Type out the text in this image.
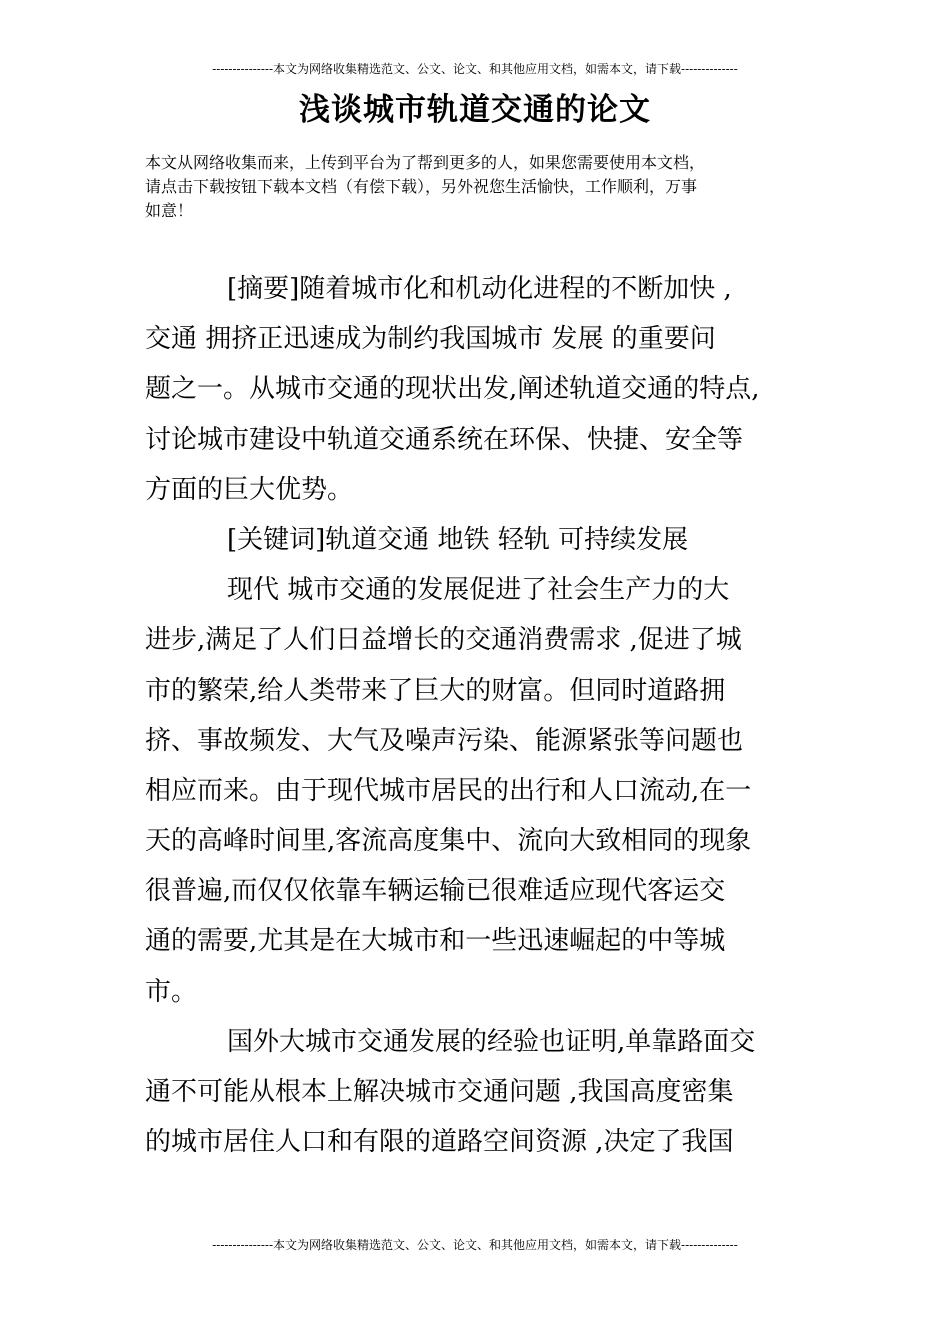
---------------本文为网络收集精选范文、公文、论文、和其他应用文档，如需本文，请下载--------------
浅谈城市轨道交通的论文
本文从网络收集而来，上传到平台为了帮到更多的人，如果您需要使用本文档，
请点击下载按钮下载本文档（有偿下载），另外祝您生活愉快，工作顺利，万事
如意！
[摘要]随着城市化和机动化进程的不断加快 ,
交通 拥挤正迅速成为制约我国城市 发展 的重要问
题之一。从城市交通的现状出发,阐述轨道交通的特点,
讨论城市建设中轨道交通系统在环保、快捷、安全等
方面的巨大优势。
[关键词]轨道交通 地铁 轻轨 可持续发展
现代 城市交通的发展促进了社会生产力的大
进步,满足了人们日益增长的交通消费需求 ,促进了城
市的繁荣,给人类带来了巨大的财富。但同时道路拥
挤、事故频发、大气及噪声污染、能源紧张等问题也
相应而来。由于现代城市居民的出行和人口流动,在一
天的高峰时间里,客流高度集中、流向大致相同的现象
很普遍,而仅仅依靠车辆运输已很难适应现代客运交
通的需要,尤其是在大城市和一些迅速崛起的中等城
市。
国外大城市交通发展的经验也证明,单靠路面交
通不可能从根本上解决城市交通问题 ,我国高度密集
的城市居住人口和有限的道路空间资源 ,决定了我国
---------------本文为网络收集精选范文、公文、论文、和其他应用文档，如需本文，请下载--------------
